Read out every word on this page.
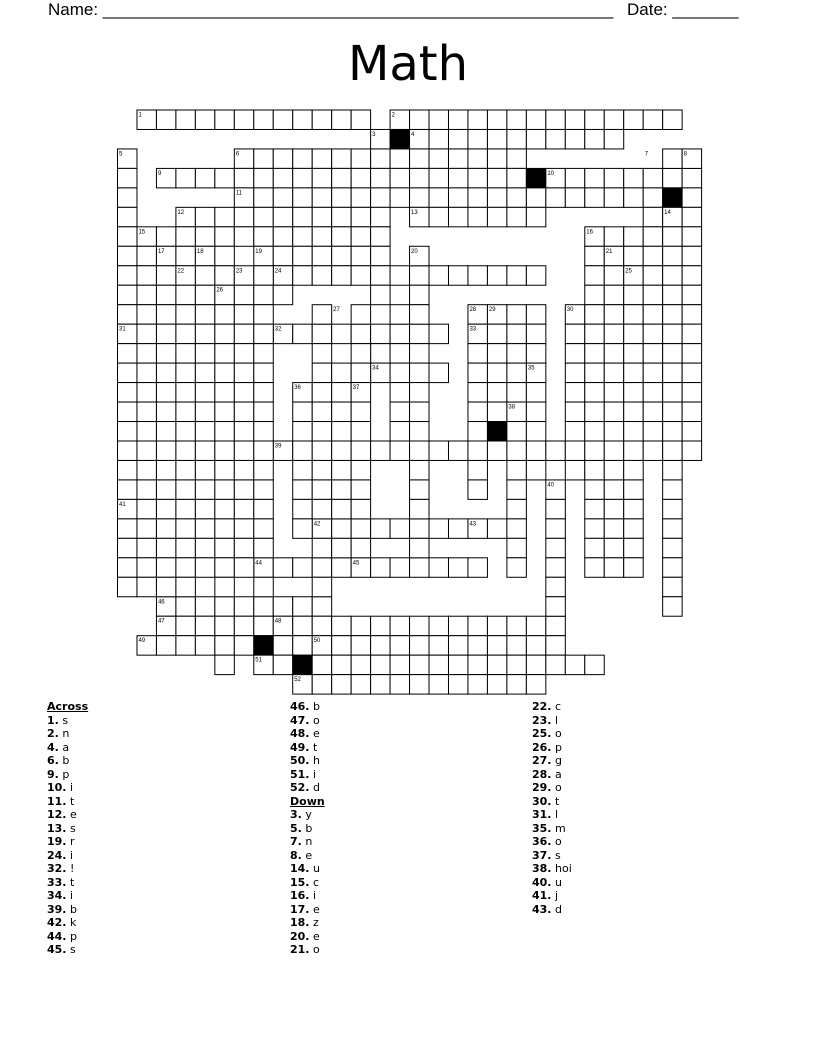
Name: ______________________________________________________ Date: _______
Math
1	2
3	4
5	6	7	8
9	10
11
12	13	14
15	16
17	18	19	20	21
22	23	24	25
26
27	28 29	30
31	32	33
34	35
36	37
38
39
40
41
42	43
44	45
46
47	48
49	50
51
52
Across
1. s
2. n
4. a
6. b
9. p
10. i
11. t
12. e
13. s
19. r
24. i
32. !
33. t
34. i
39. b
42. k
44. p
45. s
46. b
47. o
48. e
49. t
50. h
51. i
52. d
Down
3. y
5. b
7. n
8. e
14. u
15. c
16. i
17. e
18. z
20. e
21. o
22. c
23. l
25. o
26. p
27. g
28. a
29. o
30. t
31. l
35. m
36. o
37. s
38. hoi
40. u
41. j
43. d
